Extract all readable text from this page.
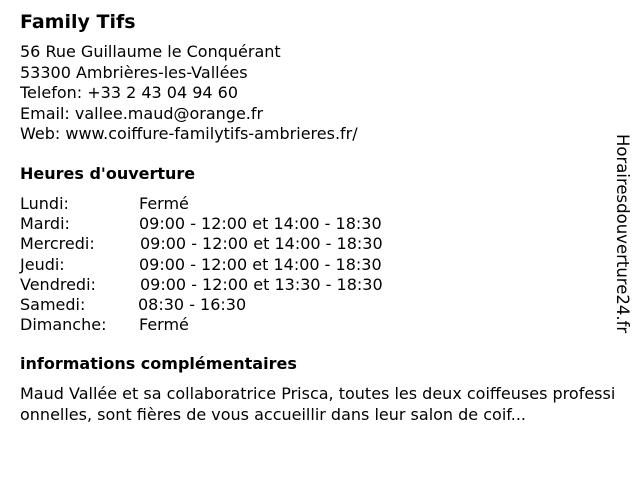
Family Tifs
56 Rue Guillaume le Conquérant
53300 Ambrières-les-Vallées
Telefon: +33 2 43 04 94 60
Email: vallee.maud@orange.fr
Web: www.coiffure-familytifs-ambrieres.fr/
Heures d'ouverture
Lundi:	Fermé
Mardi:	09:00 - 12:00 et 14:00 - 18:30
Mercredi:	09:00 - 12:00 et 14:00 - 18:30
Jeudi:	09:00 - 12:00 et 14:00 - 18:30
Vendredi:	09:00 - 12:00 et 13:30 - 18:30
Samedi:	08:30 - 16:30
Dimanche: Fermé
informations complémentaires
Maud Vallée et sa collaboratrice Prisca, toutes les deux coiffeuses professionnelles, sont fières de vous accueillir dans leur salon de coif...
Horairesdouverture24.fr
